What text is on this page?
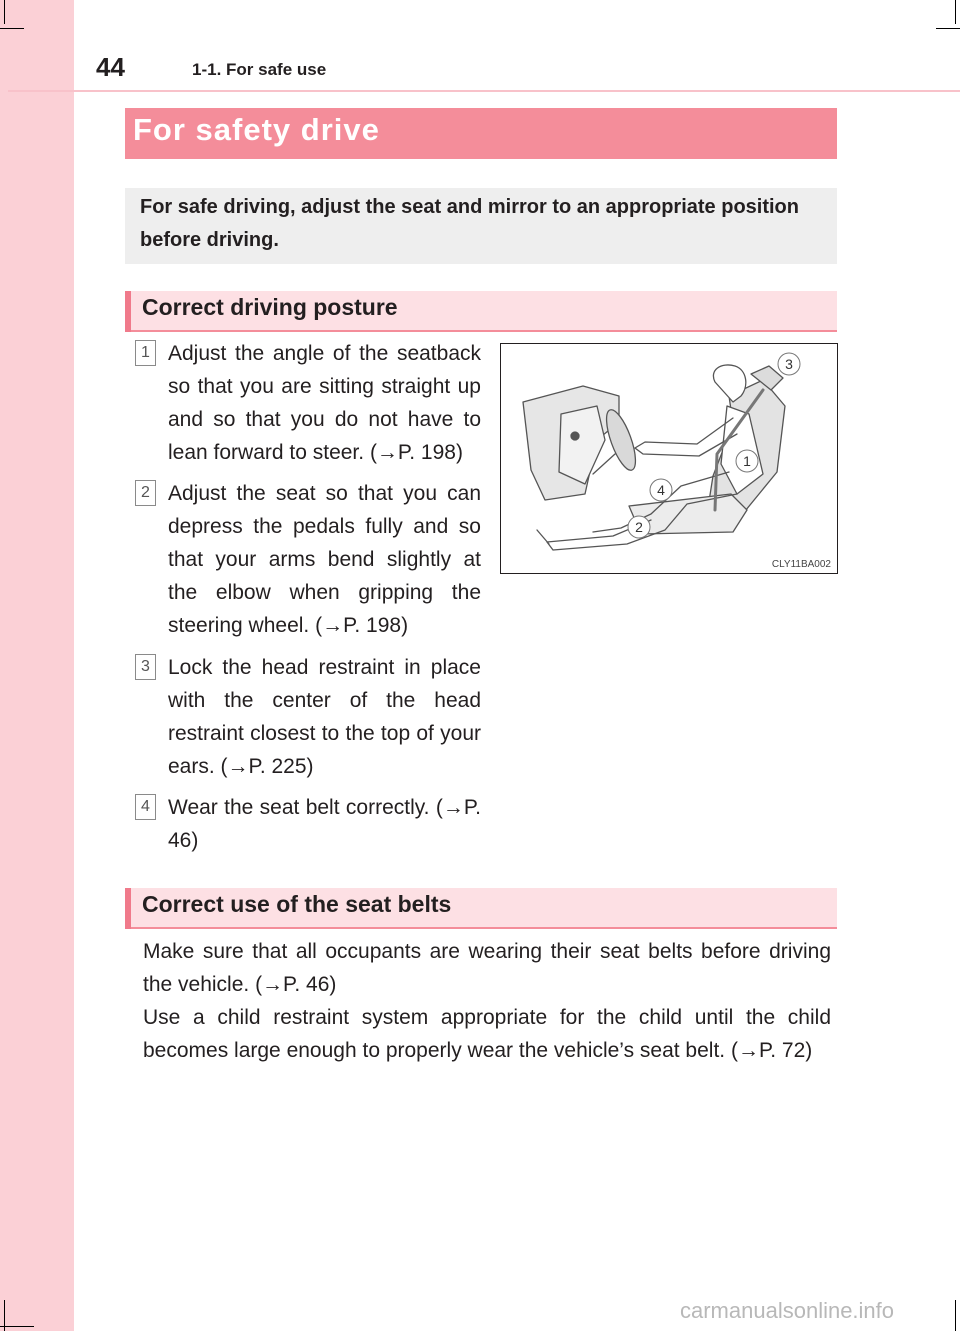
44	1-1. For safe use
For safety drive
For safe driving, adjust the seat and mirror to an appropriate position before driving.
Correct driving posture
1 Adjust the angle of the seatback so that you are sitting straight up and so that you do not have to lean forward to steer. (→P. 198)
2 Adjust the seat so that you can depress the pedals fully and so that your arms bend slightly at the elbow when gripping the steering wheel. (→P. 198)
3 Lock the head restraint in place with the center of the head restraint closest to the top of your ears. (→P. 225)
4 Wear the seat belt correctly. (→P. 46)
3
1
4
2
CLY11BA002
Correct use of the seat belts
Make sure that all occupants are wearing their seat belts before driving the vehicle. (→P. 46)
Use a child restraint system appropriate for the child until the child becomes large enough to properly wear the vehicle’s seat belt. (→P. 72)
carmanualsonline.info
